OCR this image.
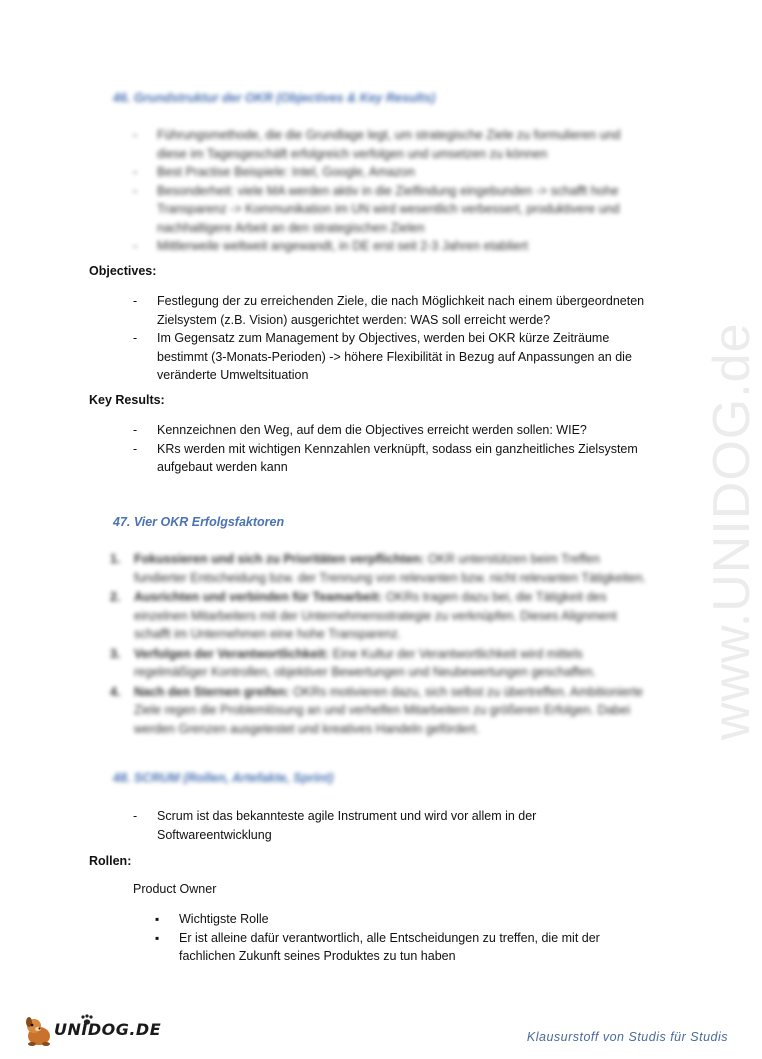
www.UNIDOG.de
46. Grundstruktur der OKR (Objectives & Key Results)
- Führungsmethode, die die Grundlage legt, um strategische Ziele zu formulieren und diese im Tagesgeschäft erfolgreich verfolgen und umsetzen zu können
- Best Practise Beispiele: Intel, Google, Amazon
- Besonderheit: viele MA werden aktiv in die Zielfindung eingebunden -> schafft hohe Transparenz -> Kommunikation im UN wird wesentlich verbessert, produktivere und nachhaltigere Arbeit an den strategischen Zielen
- Mittlerweile weltweit angewandt, in DE erst seit 2-3 Jahren etabliert
Objectives:
- Festlegung der zu erreichenden Ziele, die nach Möglichkeit nach einem übergeordneten Zielsystem (z.B. Vision) ausgerichtet werden: WAS soll erreicht werde?
- Im Gegensatz zum Management by Objectives, werden bei OKR kürze Zeiträume bestimmt (3-Monats-Perioden) -> höhere Flexibilität in Bezug auf Anpassungen an die veränderte Umweltsituation
Key Results:
- Kennzeichnen den Weg, auf dem die Objectives erreicht werden sollen: WIE?
- KRs werden mit wichtigen Kennzahlen verknüpft, sodass ein ganzheitliches Zielsystem aufgebaut werden kann
47. Vier OKR Erfolgsfaktoren
1. Fokussieren und sich zu Prioritäten verpflichten: OKR unterstützen beim Treffen fundierter Entscheidung bzw. der Trennung von relevanten bzw. nicht relevanten Tätigkeiten.
2. Ausrichten und verbinden für Teamarbeit: OKRs tragen dazu bei, die Tätigkeit des einzelnen Mitarbeiters mit der Unternehmensstrategie zu verknüpfen. Dieses Alignment schafft im Unternehmen eine hohe Transparenz.
3. Verfolgen der Verantwortlichkeit: Eine Kultur der Verantwortlichkeit wird mittels regelmäßiger Kontrollen, objektiver Bewertungen und Neubewertungen geschaffen.
4. Nach den Sternen greifen: OKRs motivieren dazu, sich selbst zu übertreffen. Ambitionierte Ziele regen die Problemlösung an und verhelfen Mitarbeitern zu größeren Erfolgen. Dabei werden Grenzen ausgetestet und kreatives Handeln gefördert.
48. SCRUM (Rollen, Artefakte, Sprint)
- Scrum ist das bekannteste agile Instrument und wird vor allem in der Softwareentwicklung
Rollen:
Product Owner
▪ Wichtigste Rolle
▪ Er ist alleine dafür verantwortlich, alle Entscheidungen zu treffen, die mit der fachlichen Zukunft seines Produktes zu tun haben
UNIDOG.DE	Klausurstoff von Studis für Studis
